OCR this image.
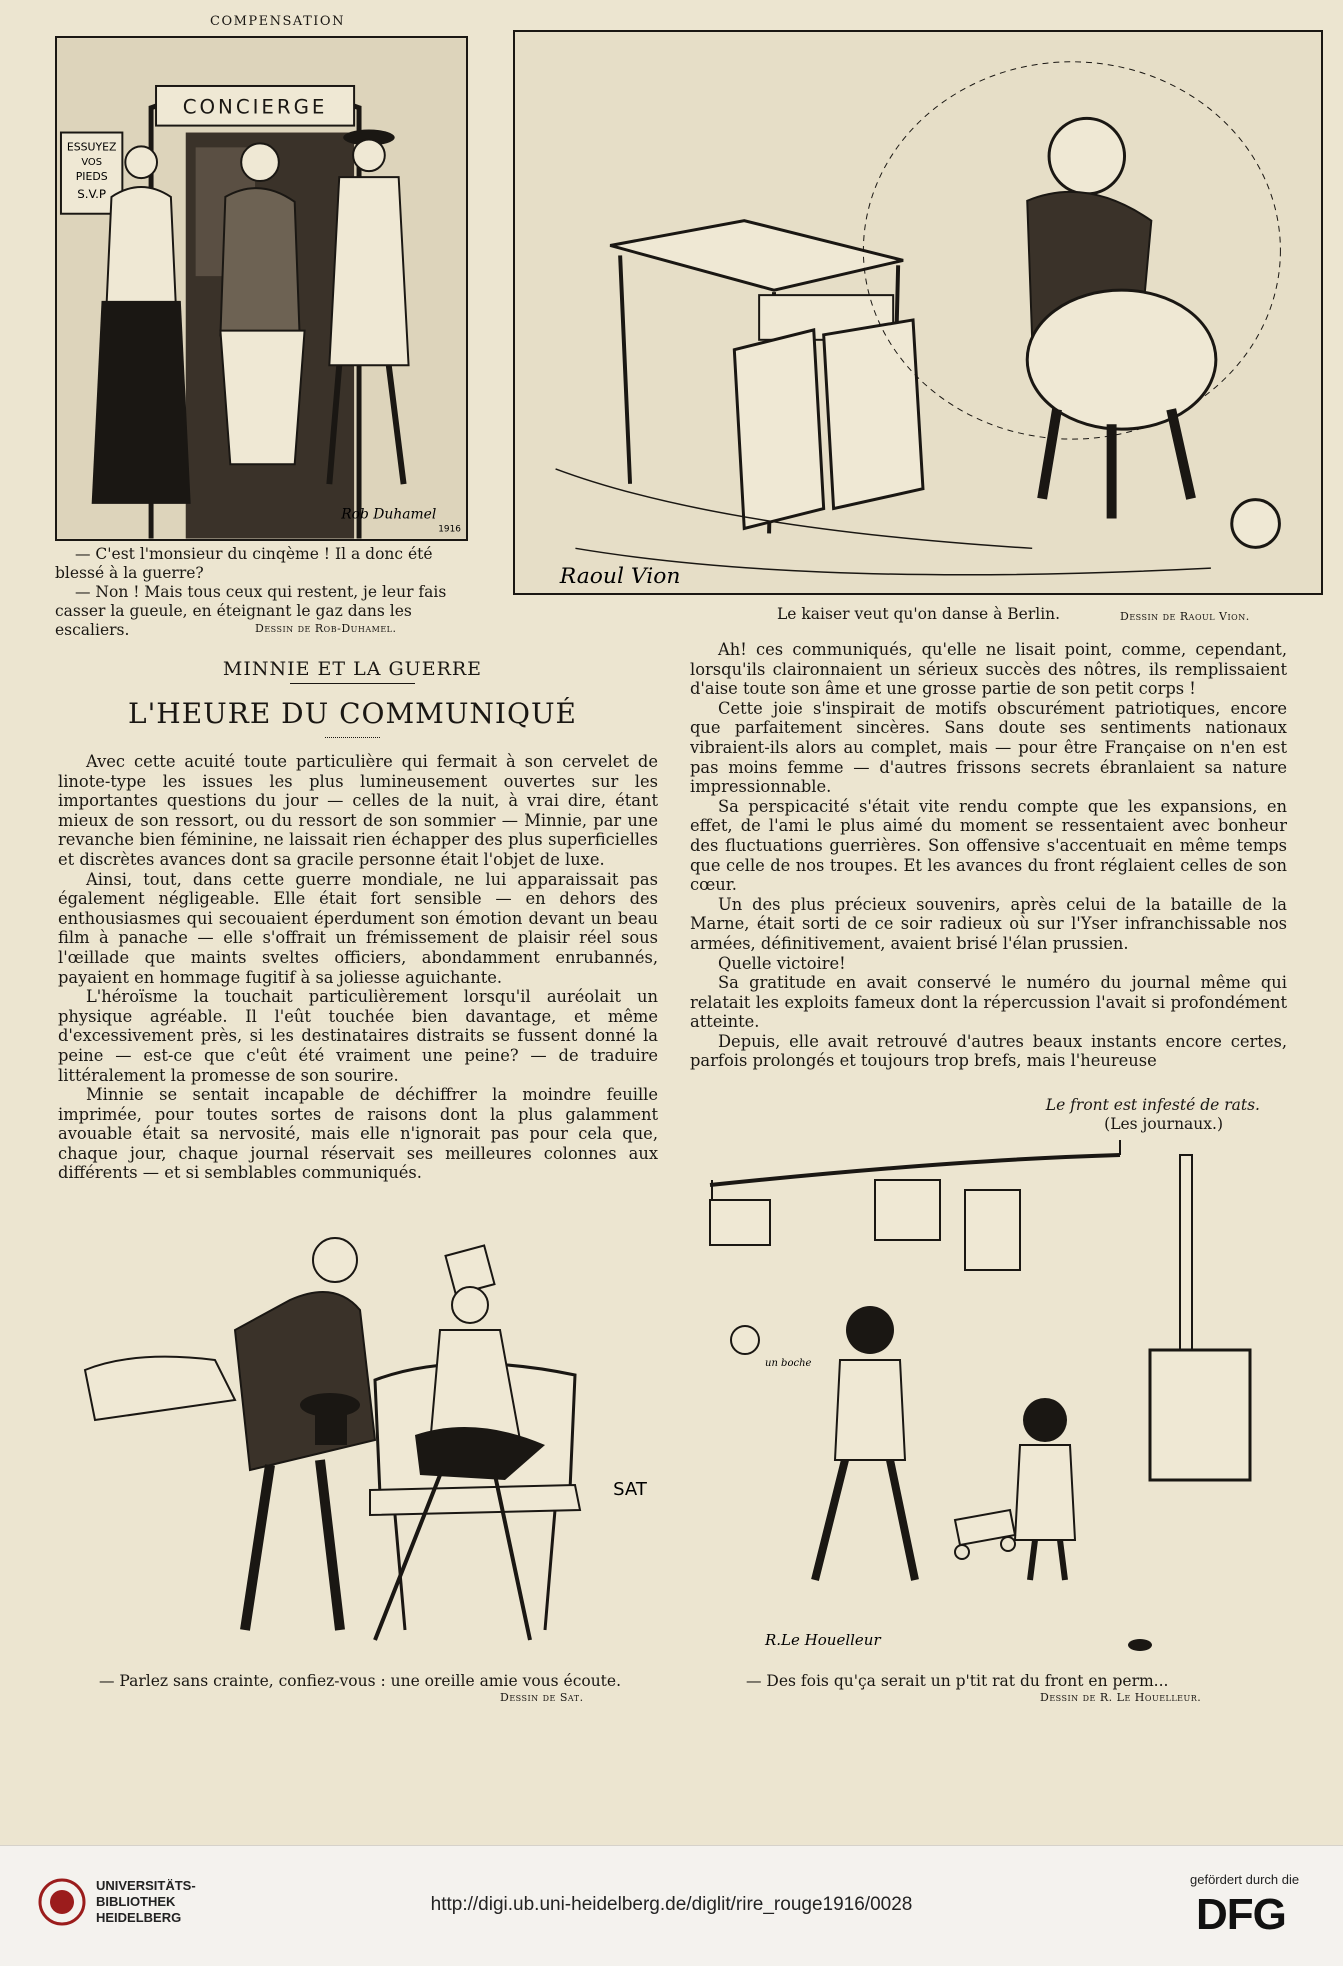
COMPENSATION
CONCIERGE
ESSUYEZ
VOS
PIEDS
S.V.P
Rob Duhamel
1916
— C'est l'monsieur du cinqème ! Il a donc été blessé à la guerre?
— Non ! Mais tous ceux qui restent, je leur fais casser la gueule, en éteignant le gaz dans les escaliers.	Dessin de Rob-Duhamel.
Raoul Vion
Le kaiser veut qu'on danse à Berlin.	Dessin de Raoul Vion.
MINNIE ET LA GUERRE
L'HEURE DU COMMUNIQUÉ

Avec cette acuité toute particulière qui fermait à son cervelet de linote-type les issues les plus lumineusement ouvertes sur les importantes questions du jour — celles de la nuit, à vrai dire, étant mieux de son ressort, ou du ressort de son sommier — Minnie, par une revanche bien féminine, ne laissait rien échapper des plus superficielles et discrètes avances dont sa gracile personne était l'objet de luxe.

Ainsi, tout, dans cette guerre mondiale, ne lui apparaissait pas également négligeable. Elle était fort sensible — en dehors des enthousiasmes qui secouaient éperdument son émotion devant un beau film à panache — elle s'offrait un frémissement de plaisir réel sous l'œillade que maints sveltes officiers, abondamment enrubannés, payaient en hommage fugitif à sa joliesse aguichante.

L'héroïsme la touchait particulièrement lorsqu'il auréolait un physique agréable. Il l'eût touchée bien davantage, et même d'excessivement près, si les destinataires distraits se fussent donné la peine — est-ce que c'eût été vraiment une peine? — de traduire littéralement la promesse de son sourire.

Minnie se sentait incapable de déchiffrer la moindre feuille imprimée, pour toutes sortes de raisons dont la plus galamment avouable était sa nervosité, mais elle n'ignorait pas pour cela que, chaque jour, chaque journal réservait ses meilleures colonnes aux différents — et si semblables communiqués.

Ah! ces communiqués, qu'elle ne lisait point, comme, cependant, lorsqu'ils claironnaient un sérieux succès des nôtres, ils remplissaient d'aise toute son âme et une grosse partie de son petit corps !

Cette joie s'inspirait de motifs obscurément patriotiques, encore que parfaitement sincères. Sans doute ses sentiments nationaux vibraient-ils alors au complet, mais — pour être Française on n'en est pas moins femme — d'autres frissons secrets ébranlaient sa nature impressionnable.

Sa perspicacité s'était vite rendu compte que les expansions, en effet, de l'ami le plus aimé du moment se ressentaient avec bonheur des fluctuations guerrières. Son offensive s'accentuait en même temps que celle de nos troupes. Et les avances du front réglaient celles de son cœur.

Un des plus précieux souvenirs, après celui de la bataille de la Marne, était sorti de ce soir radieux où sur l'Yser infranchissable nos armées, définitivement, avaient brisé l'élan prussien.

Quelle victoire!

Sa gratitude en avait conservé le numéro du journal même qui relatait les exploits fameux dont la répercussion l'avait si profondément atteinte.

Depuis, elle avait retrouvé d'autres beaux instants encore certes, parfois prolongés et toujours trop brefs, mais l'heureuse

SAT
— Parlez sans crainte, confiez-vous : une oreille amie vous écoute.
Dessin de Sat.
Le front est infesté de rats.
(Les journaux.)
un boche
R.Le Houelleur
— Des fois qu'ça serait un p'tit rat du front en perm...
Dessin de R. Le Houelleur.
UNIVERSITÄTS-
BIBLIOTHEK
HEIDELBERG
http://digi.ub.uni-heidelberg.de/diglit/rire_rouge1916/0028
gefördert durch die
DFG
